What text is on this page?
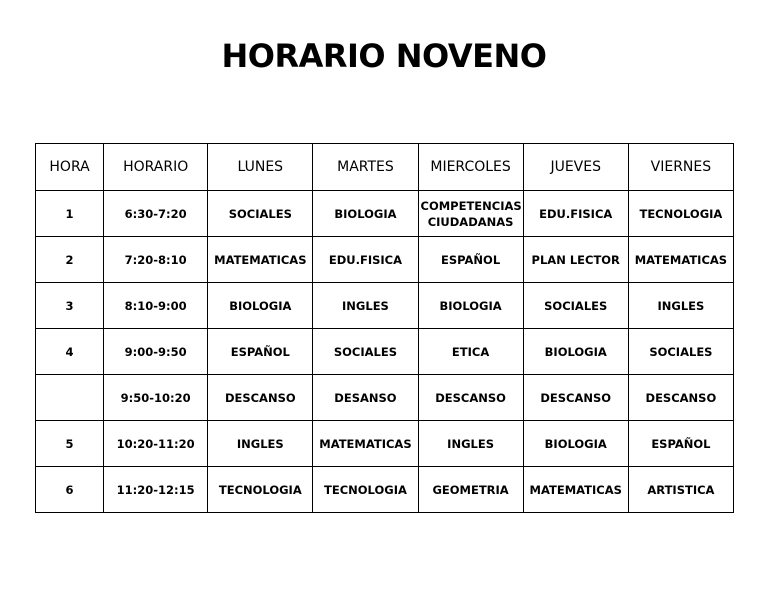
HORARIO NOVENO
HORA	HORARIO	LUNES	MARTES	MIERCOLES	JUEVES	VIERNES
1	6:30-7:20	SOCIALES	BIOLOGIA	COMPETENCIAS CIUDADANAS	EDU.FISICA	TECNOLOGIA
2	7:20-8:10	MATEMATICAS	EDU.FISICA	ESPAÑOL	PLAN LECTOR	MATEMATICAS
3	8:10-9:00	BIOLOGIA	INGLES	BIOLOGIA	SOCIALES	INGLES
4	9:00-9:50	ESPAÑOL	SOCIALES	ETICA	BIOLOGIA	SOCIALES
	9:50-10:20	DESCANSO	DESANSO	DESCANSO	DESCANSO	DESCANSO
5	10:20-11:20	INGLES	MATEMATICAS	INGLES	BIOLOGIA	ESPAÑOL
6	11:20-12:15	TECNOLOGIA	TECNOLOGIA	GEOMETRIA	MATEMATICAS	ARTISTICA
